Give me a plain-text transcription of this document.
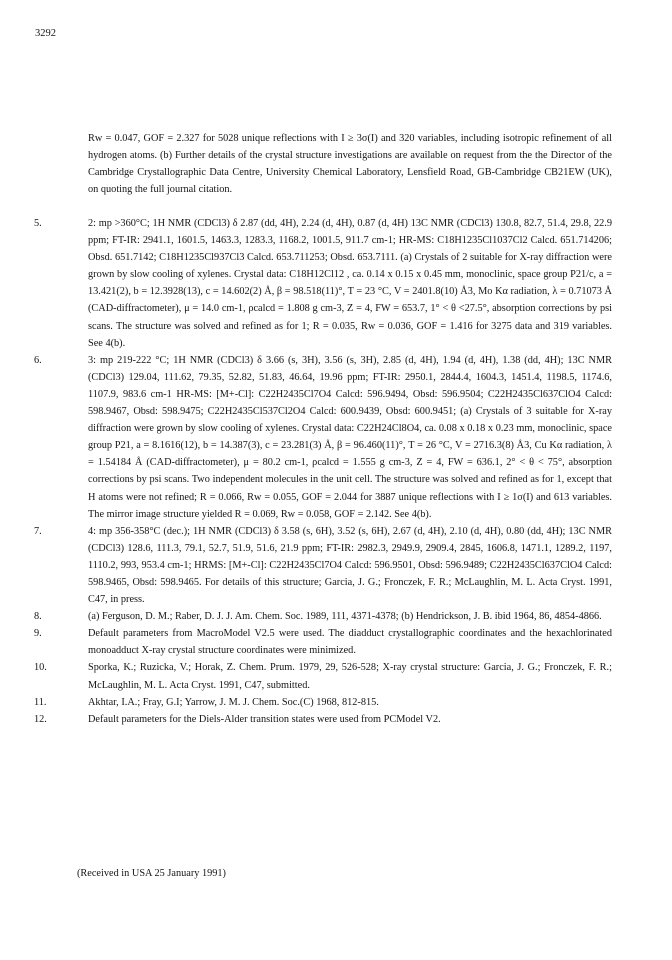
3292

Rw = 0.047, GOF = 2.327 for 5028 unique reflections with I ≥ 3σ(I) and 320 variables, including isotropic refinement of all hydrogen atoms. (b) Further details of the crystal structure investigations are available on request from the the Director of the Cambridge Crystallographic Data Centre, University Chemical Laboratory, Lensfield Road, GB-Cambridge CB21EW (UK), on quoting the full journal citation.

5.	2: mp >360°C; 1H NMR (CDCl3) δ 2.87 (dd, 4H), 2.24 (d, 4H), 0.87 (d, 4H) 13C NMR (CDCl3) 130.8, 82.7, 51.4, 29.8, 22.9 ppm; FT-IR: 2941.1, 1601.5, 1463.3, 1283.3, 1168.2, 1001.5, 911.7 cm-1; HR-MS: C18H1235Cl1037Cl2 Calcd. 651.714206; Obsd. 651.7142; C18H1235Cl937Cl3 Calcd. 653.711253; Obsd. 653.7111. (a) Crystals of 2 suitable for X-ray diffraction were grown by slow cooling of xylenes. Crystal data: C18H12Cl12 , ca. 0.14 x 0.15 x 0.45 mm, monoclinic, space group P21/c, a = 13.421(2), b = 12.3928(13), c = 14.602(2) Å, β = 98.518(11)°, T = 23 °C, V = 2401.8(10) Å3, Mo Kα radiation, λ = 0.71073 Å (CAD-diffractometer), μ = 14.0 cm-1, ρcalcd = 1.808 g cm-3, Z = 4, FW = 653.7, 1° < θ <27.5°, absorption corrections by psi scans. The structure was solved and refined as for 1; R = 0.035, Rw = 0.036, GOF = 1.416 for 3275 data and 319 variables. See 4(b).
6.	3: mp 219-222 °C; 1H NMR (CDCl3) δ 3.66 (s, 3H), 3.56 (s, 3H), 2.85 (d, 4H), 1.94 (d, 4H), 1.38 (dd, 4H); 13C NMR (CDCl3) 129.04, 111.62, 79.35, 52.82, 51.83, 46.64, 19.96 ppm; FT-IR: 2950.1, 2844.4, 1604.3, 1451.4, 1198.5, 1174.6, 1107.9, 983.6 cm-1 HR-MS: [M+-Cl]: C22H2435Cl7O4 Calcd: 596.9494, Obsd: 596.9504; C22H2435Cl637ClO4 Calcd: 598.9467, Obsd: 598.9475; C22H2435Cl537Cl2O4 Calcd: 600.9439, Obsd: 600.9451; (a) Crystals of 3 suitable for X-ray diffraction were grown by slow cooling of xylenes. Crystal data: C22H24Cl8O4, ca. 0.08 x 0.18 x 0.23 mm, monoclinic, space group P21, a = 8.1616(12), b = 14.387(3), c = 23.281(3) Å, β = 96.460(11)°, T = 26 °C, V = 2716.3(8) Å3, Cu Kα radiation, λ = 1.54184 Å (CAD-diffractometer), μ = 80.2 cm-1, ρcalcd = 1.555 g cm-3, Z = 4, FW = 636.1, 2° < θ < 75°, absorption corrections by psi scans. Two independent molecules in the unit cell. The structure was solved and refined as for 1, except that H atoms were not refined; R = 0.066, Rw = 0.055, GOF = 2.044 for 3887 unique reflections with I ≥ 1σ(I) and 613 variables. The mirror image structure yielded R = 0.069, Rw = 0.058, GOF = 2.142. See 4(b).
7.	4: mp 356-358°C (dec.); 1H NMR (CDCl3) δ 3.58 (s, 6H), 3.52 (s, 6H), 2.67 (d, 4H), 2.10 (d, 4H), 0.80 (dd, 4H); 13C NMR (CDCl3) 128.6, 111.3, 79.1, 52.7, 51.9, 51.6, 21.9 ppm; FT-IR: 2982.3, 2949.9, 2909.4, 2845, 1606.8, 1471.1, 1289.2, 1197, 1110.2, 993, 953.4 cm-1; HRMS: [M+-Cl]: C22H2435Cl7O4 Calcd: 596.9501, Obsd: 596.9489; C22H2435Cl637ClO4 Calcd: 598.9465, Obsd: 598.9465. For details of this structure; Garcia, J. G.; Fronczek, F. R.; McLaughlin, M. L. Acta Cryst. 1991, C47, in press.
8.	(a) Ferguson, D. M.; Raber, D. J. J. Am. Chem. Soc. 1989, 111, 4371-4378; (b) Hendrickson, J. B. ibid 1964, 86, 4854-4866.
9.	Default parameters from MacroModel V2.5 were used. The diadduct crystallographic coordinates and the hexachlorinated monoadduct X-ray crystal structure coordinates were minimized.
10.	Sporka, K.; Ruzicka, V.; Horak, Z. Chem. Prum. 1979, 29, 526-528; X-ray crystal structure: Garcia, J. G.; Fronczek, F. R.; McLaughlin, M. L. Acta Cryst. 1991, C47, submitted.
11.	Akhtar, I.A.; Fray, G.I; Yarrow, J. M. J. Chem. Soc.(C) 1968, 812-815.
12.	Default parameters for the Diels-Alder transition states were used from PCModel V2.
(Received in USA 25 January 1991)
